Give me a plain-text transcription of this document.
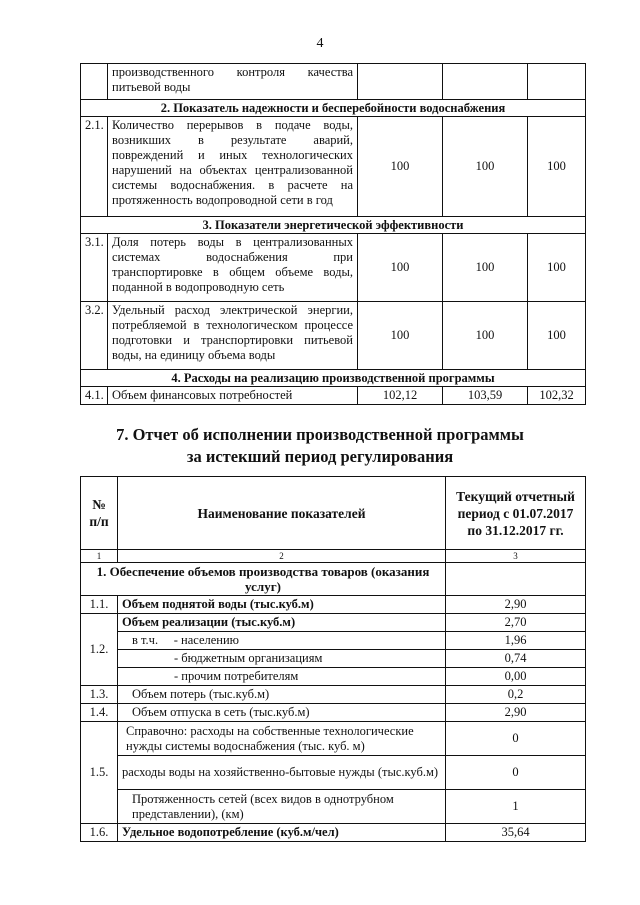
4
	производственного контроля качества питьевой воды			
2. Показатель надежности и бесперебойности водоснабжения				
2.1.	Количество перерывов в подаче воды, возникших в результате аварий, повреждений и иных технологических нарушений на объектах централизованной системы водоснабжения. в расчете на протяженность водопроводной сети в год	100	100	100
3. Показатели энергетической эффективности				
3.1.	Доля потерь воды в централизованных системах водоснабжения при транспортировке в общем объеме воды, поданной в водопроводную сеть	100	100	100
3.2.	Удельный расход электрической энергии, потребляемой в технологическом процессе подготовки и транспортировки питьевой воды, на единицу объема воды	100	100	100
4. Расходы на реализацию производственной программы				
4.1.	Объем финансовых потребностей	102,12	103,59	102,32
7. Отчет об исполнении производственной программы
за истекший период регулирования
№ п/п	Наименование показателей	Текущий отчетный период с 01.07.2017 по 31.12.2017 гг.
1	2	3
1. Обеспечение объемов производства товаров (оказания услуг)		
1.1.	Объем поднятой воды (тыс.куб.м)	2,90
1.2.	Объем реализации (тыс.куб.м)	2,70
	в т.ч. - населению	1,96
	- бюджетным организациям	0,74
	- прочим потребителям	0,00
1.3.	Объем потерь (тыс.куб.м)	0,2
1.4.	Объем отпуска в сеть (тыс.куб.м)	2,90
1.5.	Справочно: расходы на собственные технологические нужды системы водоснабжения (тыс. куб. м)	0
	расходы воды на хозяйственно-бытовые нужды (тыс.куб.м)	0
	Протяженность сетей (всех видов в однотрубном представлении), (км)	1
1.6.	Удельное водопотребление (куб.м/чел)	35,64
